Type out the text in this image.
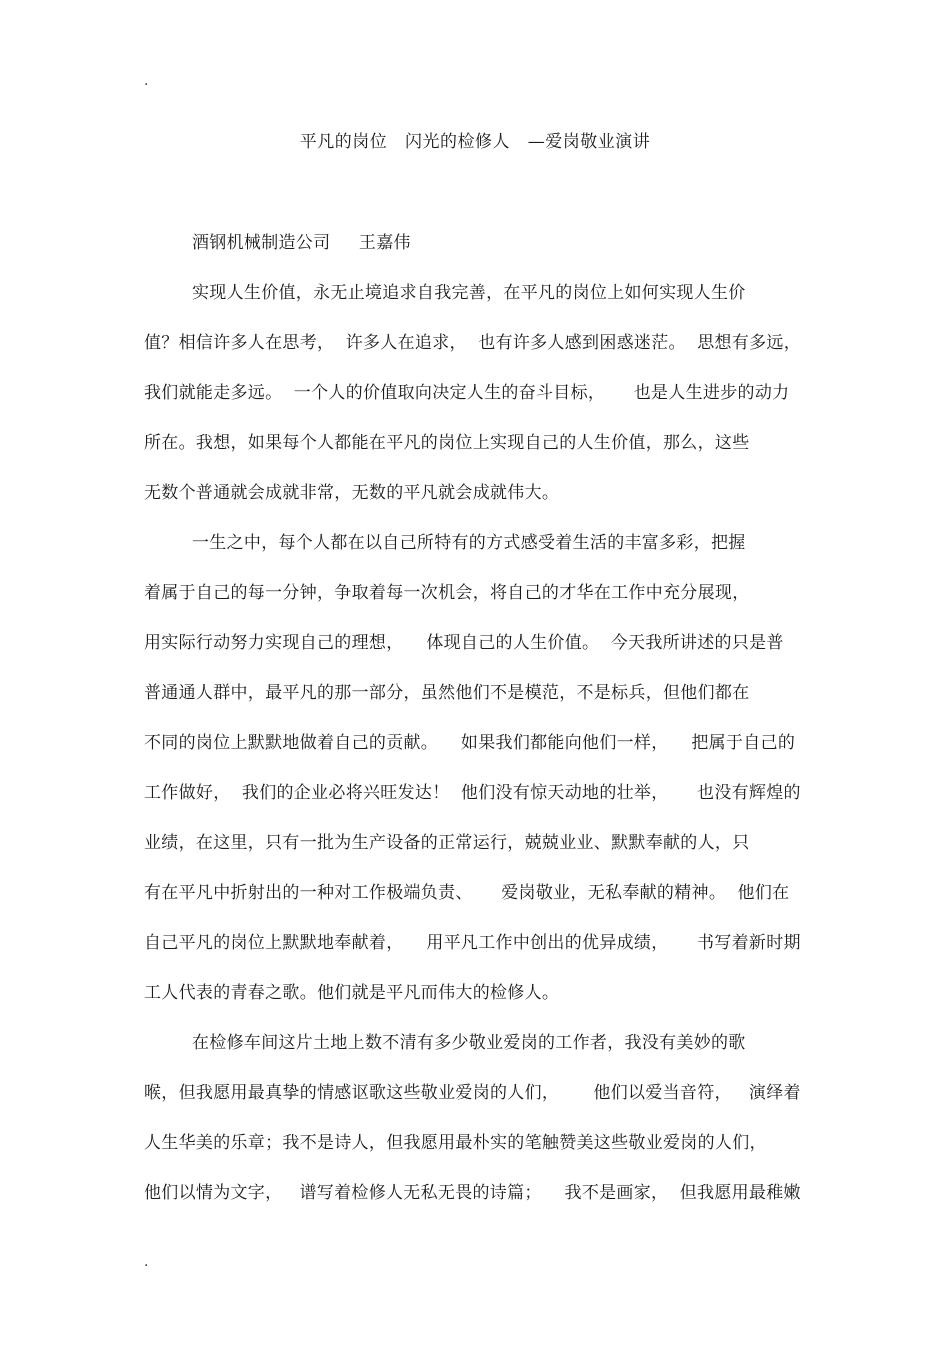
.
平凡的岗位   闪光的检修人   —爱岗敬业演讲
酒钢机械制造公司     王嘉伟
实现人生价值，永无止境追求自我完善，在平凡的岗位上如何实现人生价
值？相信许多人在思考，  许多人在追求，  也有许多人感到困惑迷茫。  思想有多远，
我们就能走多远。  一个人的价值取向决定人生的奋斗目标，     也是人生进步的动力
所在。我想，如果每个人都能在平凡的岗位上实现自己的人生价值，那么，这些
无数个普通就会成就非常，无数的平凡就会成就伟大。
一生之中，每个人都在以自己所特有的方式感受着生活的丰富多彩，把握
着属于自己的每一分钟，争取着每一次机会，将自己的才华在工作中充分展现，
用实际行动努力实现自己的理想，    体现自己的人生价值。  今天我所讲述的只是普
普通通人群中，最平凡的那一部分，虽然他们不是模范，不是标兵，但他们都在
不同的岗位上默默地做着自己的贡献。    如果我们都能向他们一样，    把属于自己的
工作做好，  我们的企业必将兴旺发达！  他们没有惊天动地的壮举，     也没有辉煌的
业绩，在这里，只有一批为生产设备的正常运行，兢兢业业、默默奉献的人，只
有在平凡中折射出的一种对工作极端负责、     爱岗敬业，无私奉献的精神。  他们在
自己平凡的岗位上默默地奉献着，    用平凡工作中创出的优异成绩，     书写着新时期
工人代表的青春之歌。他们就是平凡而伟大的检修人。
在检修车间这片土地上数不清有多少敬业爱岗的工作者，我没有美妙的歌
喉，但我愿用最真挚的情感讴歌这些敬业爱岗的人们，      他们以爱当音符，   演绎着
人生华美的乐章；我不是诗人，但我愿用最朴实的笔触赞美这些敬业爱岗的人们，
他们以情为文字，   谱写着检修人无私无畏的诗篇；    我不是画家，  但我愿用最稚嫩
.
